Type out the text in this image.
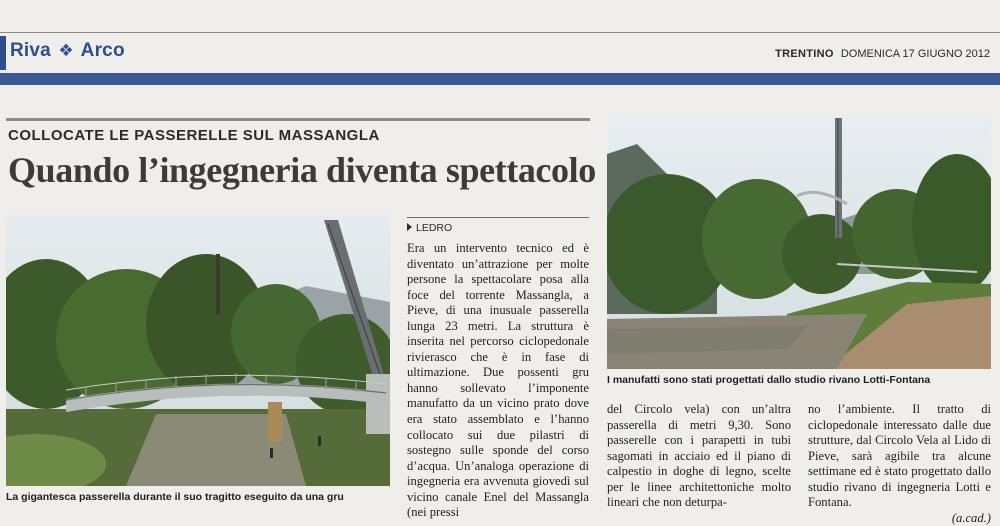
Riva ❖ Arco	TRENTINO DOMENICA 17 GIUGNO 2012
COLLOCATE LE PASSERELLE SUL MASSANGLA
Quando l’ingegneria diventa spettacolo
La gigantesca passerella durante il suo tragitto eseguito da una gru
I manufatti sono stati progettati dallo studio rivano Lotti-Fontana
LEDRO

Era un intervento tecnico ed è diventato un’attrazione per molte persone la spettacolare posa alla foce del torrente Massangla, a Pieve, di una inusuale passerella lunga 23 metri. La struttura è inserita nel percorso ciclopedonale rivierasco che è in fase di ultimazione. Due possenti gru hanno sollevato l’imponente manufatto da un vicino prato dove era stato assemblato e l’hanno collocato sui due pilastri di sostegno sulle sponde del corso d’acqua. Un’analoga operazione di ingegneria era avvenuta giovedì sul vicino canale Enel del Massangla (nei pressi

del Circolo vela) con un’altra passerella di metri 9,30. Sono passerelle con i parapetti in tubi sagomati in acciaio ed il piano di calpestio in doghe di legno, scelte per le linee architettoniche molto lineari che non deturpa-

no l’ambiente. Il tratto di ciclopedonale interessato dalle due strutture, dal Circolo Vela al Lido di Pieve, sarà agibile tra alcune settimane ed è stato progettato dallo studio rivano di ingegneria Lotti e Fontana.

(a.cad.)
